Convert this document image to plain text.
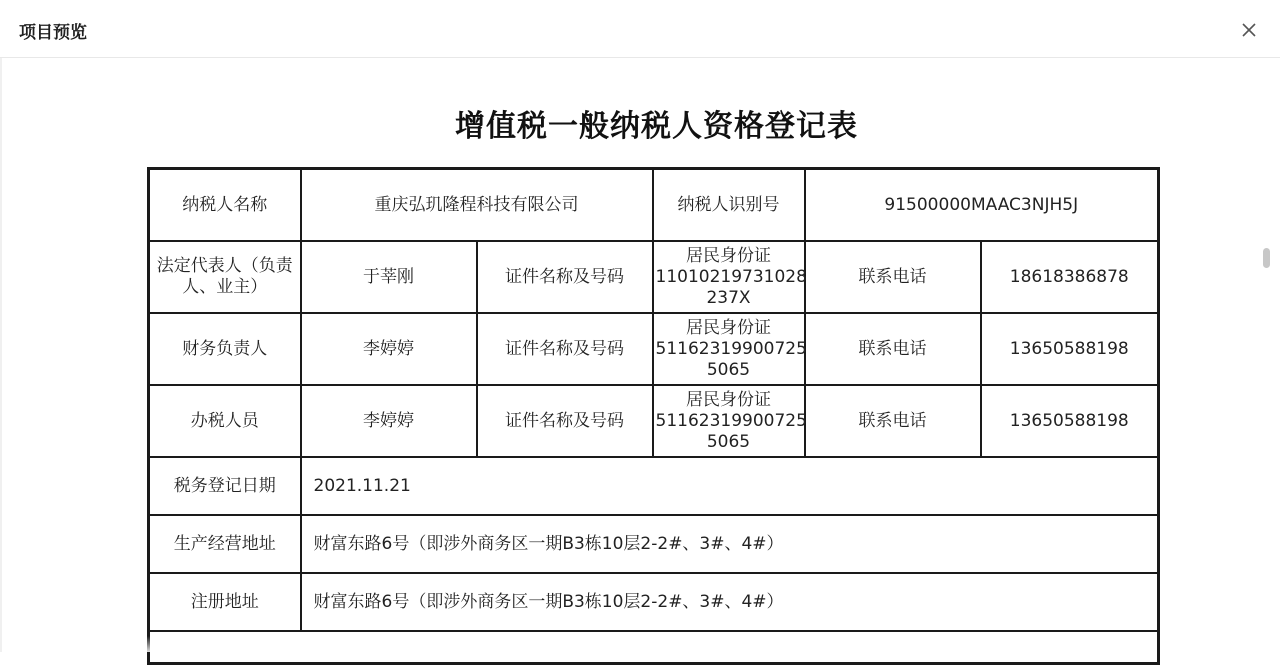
项目预览
增值税一般纳税人资格登记表
纳税人名称	重庆弘玑隆程科技有限公司		纳税人识别号	91500000MAAC3NJH5J	
法定代表人（负责
人、业主）	于莘刚	证件名称及号码	居民身份证
11010219731028
237X	联系电话	18618386878
财务负责人	李婷婷	证件名称及号码	居民身份证
51162319900725
5065	联系电话	13650588198
办税人员	李婷婷	证件名称及号码	居民身份证
51162319900725
5065	联系电话	13650588198
税务登记日期	2021.11.21				
生产经营地址	财富东路6号（即涉外商务区一期B3栋10层2-2#、3#、4#）				
注册地址	财富东路6号（即涉外商务区一期B3栋10层2-2#、3#、4#）				
